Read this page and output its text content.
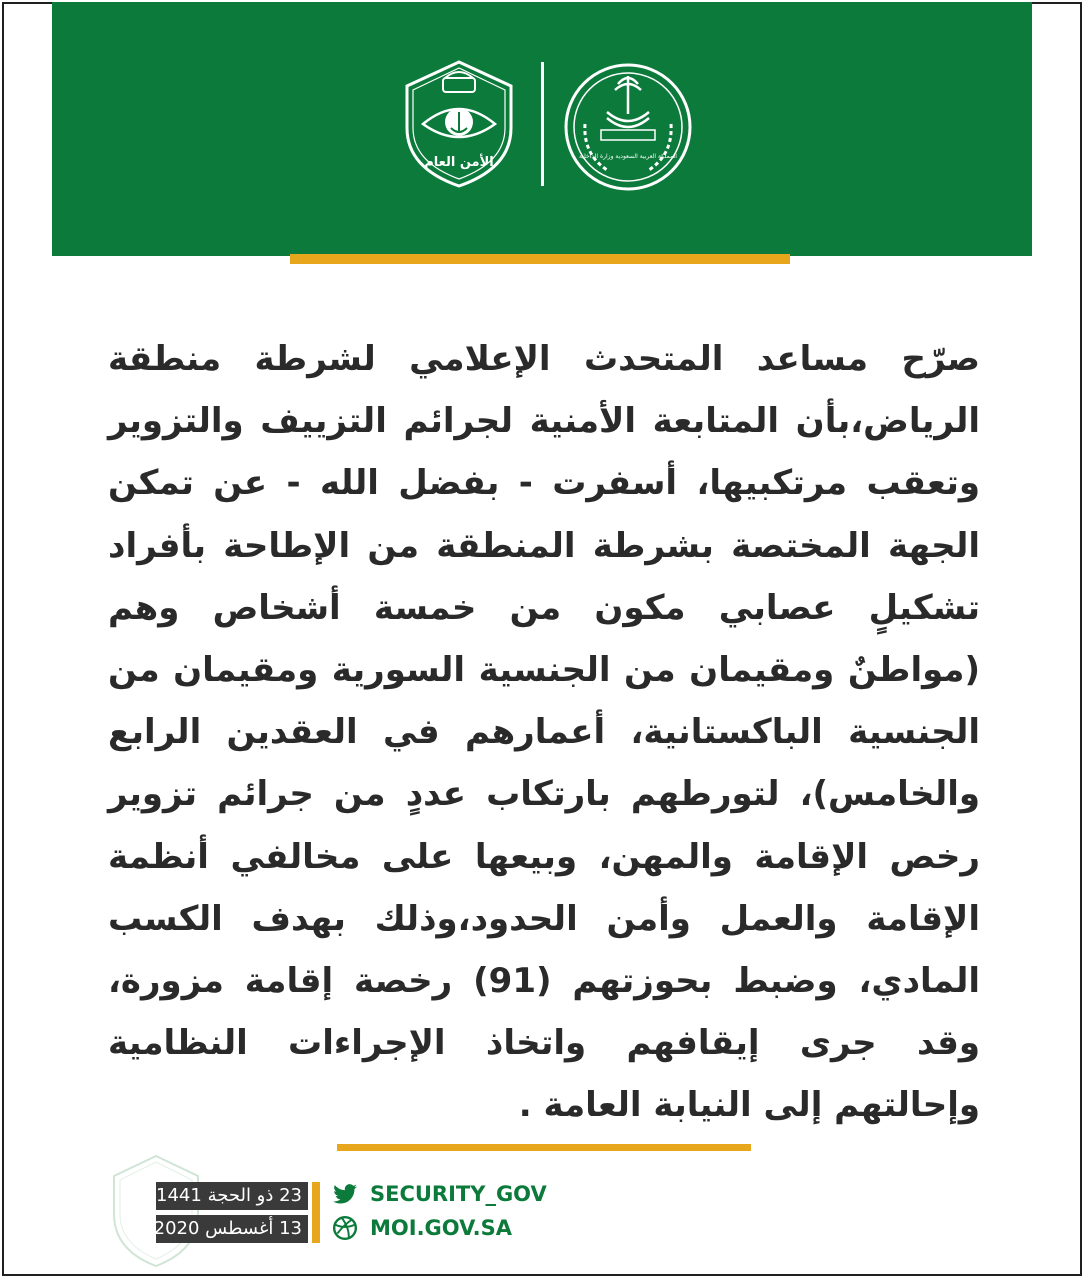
الأمن العام	المملكة العربية السعودية وزارة الداخلية

صرّح مساعد المتحدث الإعلامي لشرطة منطقة الرياض،بأن المتابعة الأمنية لجرائم التزييف والتزوير وتعقب مرتكبيها، أسفرت - بفضل الله - عن تمكن الجهة المختصة بشرطة المنطقة من الإطاحة بأفراد تشكيلٍ عصابي مكون من خمسة أشخاص وهم (مواطنٌ ومقيمان من الجنسية السورية ومقيمان من الجنسية الباكستانية، أعمارهم في العقدين الرابع والخامس)، لتورطهم بارتكاب عددٍ من جرائم تزوير رخص الإقامة والمهن، وبيعها على مخالفي أنظمة الإقامة والعمل وأمن الحدود،وذلك بهدف الكسب المادي، وضبط بحوزتهم (91) رخصة إقامة مزورة، وقد جرى إيقافهم واتخاذ الإجراءات النظامية وإحالتهم إلى النيابة العامة .

23 ذو الحجة 1441
13 أغسطس 2020
SECURITY_GOV
MOI.GOV.SA
